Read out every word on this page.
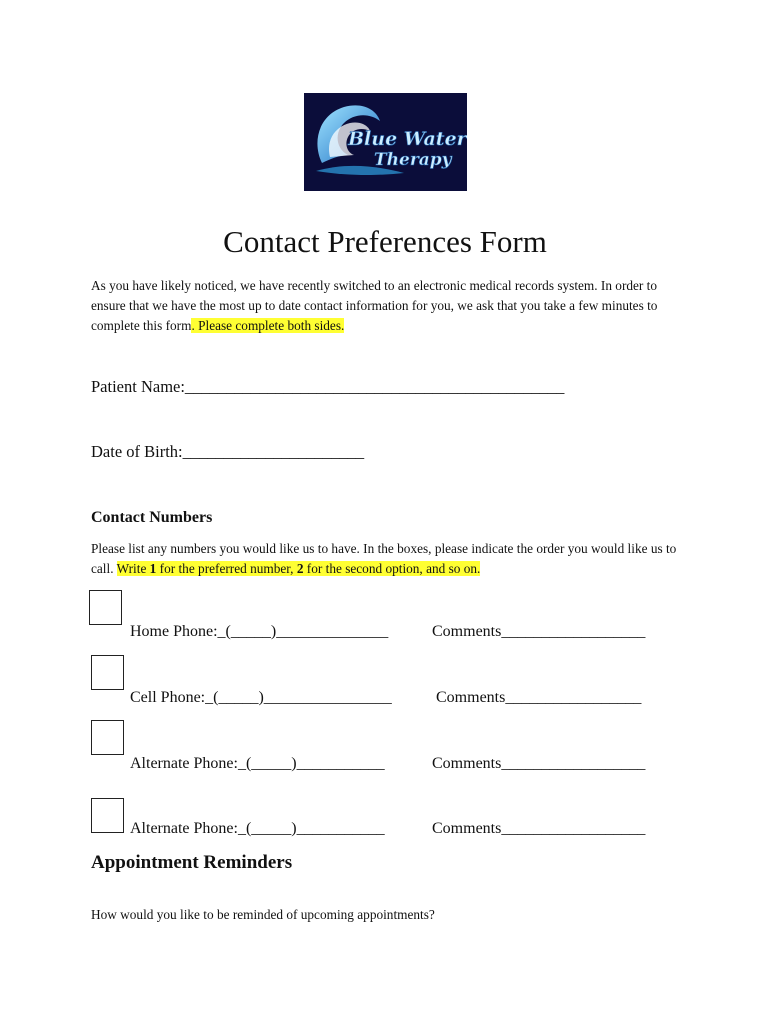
Blue Water
Therapy
Contact Preferences Form
As you have likely noticed, we have recently switched to an electronic medical records system. In order to ensure that we have the most up to date contact information for you, we ask that you take a few minutes to complete this form. Please complete both sides.
Patient Name:______________________________________________
Date of Birth:______________________
Contact Numbers
Please list any numbers you would like us to have. In the boxes, please indicate the order you would like us to call. Write 1 for the preferred number, 2 for the second option, and so on.
Home Phone:_(_____)______________	Comments__________________
Cell Phone:_(_____)________________	Comments_________________
Alternate Phone:_(_____)___________	Comments__________________
Alternate Phone:_(_____)___________	Comments__________________
Appointment Reminders
How would you like to be reminded of upcoming appointments?
